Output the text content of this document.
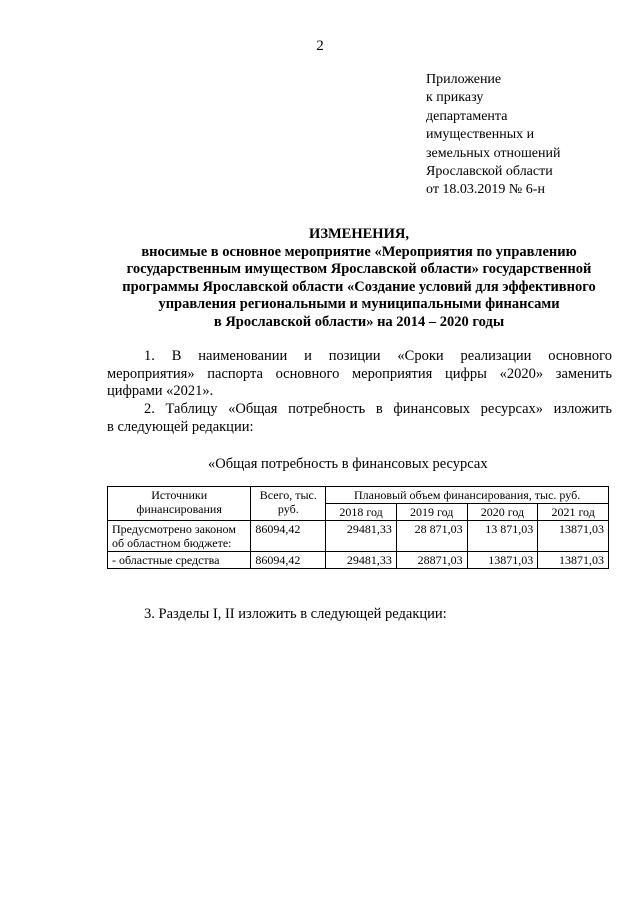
2
Приложение
к приказу
департамента
имущественных и
земельных отношений
Ярославской области
от 18.03.2019 № 6-н
ИЗМЕНЕНИЯ,
вносимые в основное мероприятие «Мероприятия по управлению
государственным имуществом Ярославской области» государственной
программы Ярославской области «Создание условий для эффективного
управления региональными и муниципальными финансами
в Ярославской области» на 2014 – 2020 годы
1. В наименовании и позиции «Сроки реализации основного
мероприятия» паспорта основного мероприятия цифры «2020» заменить
цифрами «2021».
2. Таблицу «Общая потребность в финансовых ресурсах» изложить
в следующей редакции:
«Общая потребность в финансовых ресурсах
Источники финансирования	Всего, тыс. руб.	Плановый объем финансирования, тыс. руб.			
		2018 год	2019 год	2020 год	2021 год
Предусмотрено законом об областном бюджете:	86094,42	29481,33	28 871,03	13 871,03	13871,03
- областные средства	86094,42	29481,33	28871,03	13871,03	13871,03
3. Разделы I, II изложить в следующей редакции:
